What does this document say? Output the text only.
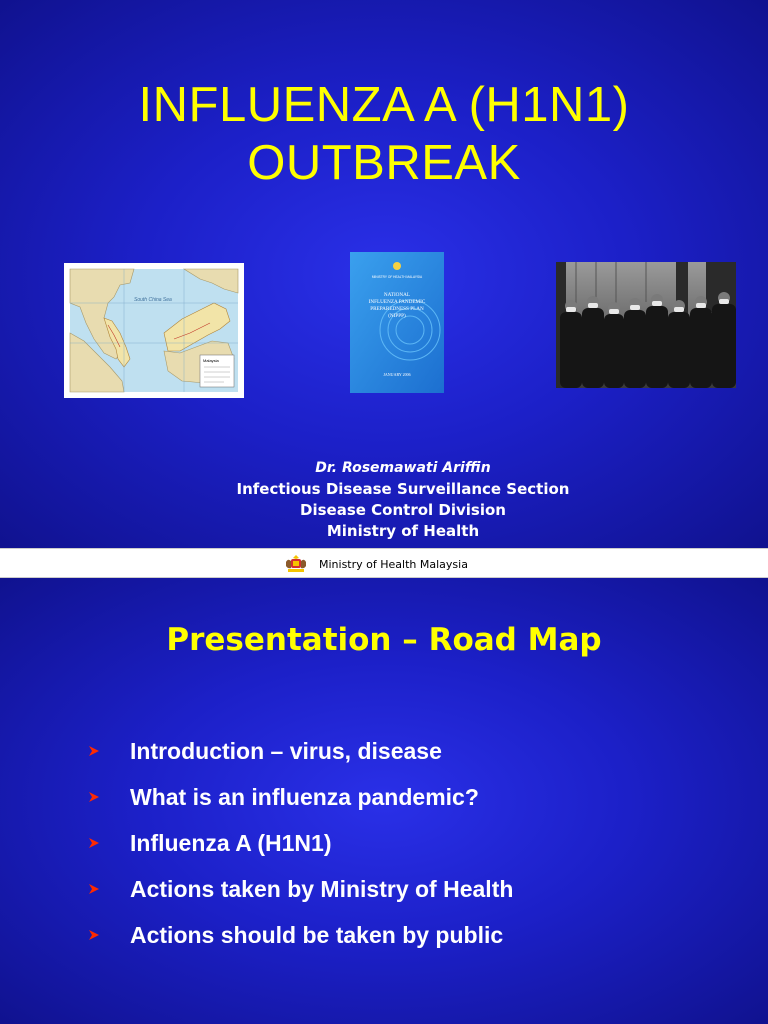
INFLUENZA A (H1N1)
OUTBREAK
South China Sea
Malaysia
MINISTRY OF HEALTH MALAYSIA
NATIONAL
INFLUENZA PANDEMIC
PREPAREDNESS PLAN
(NIPPP)
JANUARY 2006
Dr. Rosemawati Ariffin
Infectious Disease Surveillance Section
Disease Control Division
Ministry of Health
Ministry of Health Malaysia
Presentation – Road Map
Introduction – virus, disease
What is an influenza pandemic?
Influenza A (H1N1)
Actions taken by Ministry of Health
Actions should be taken by public
